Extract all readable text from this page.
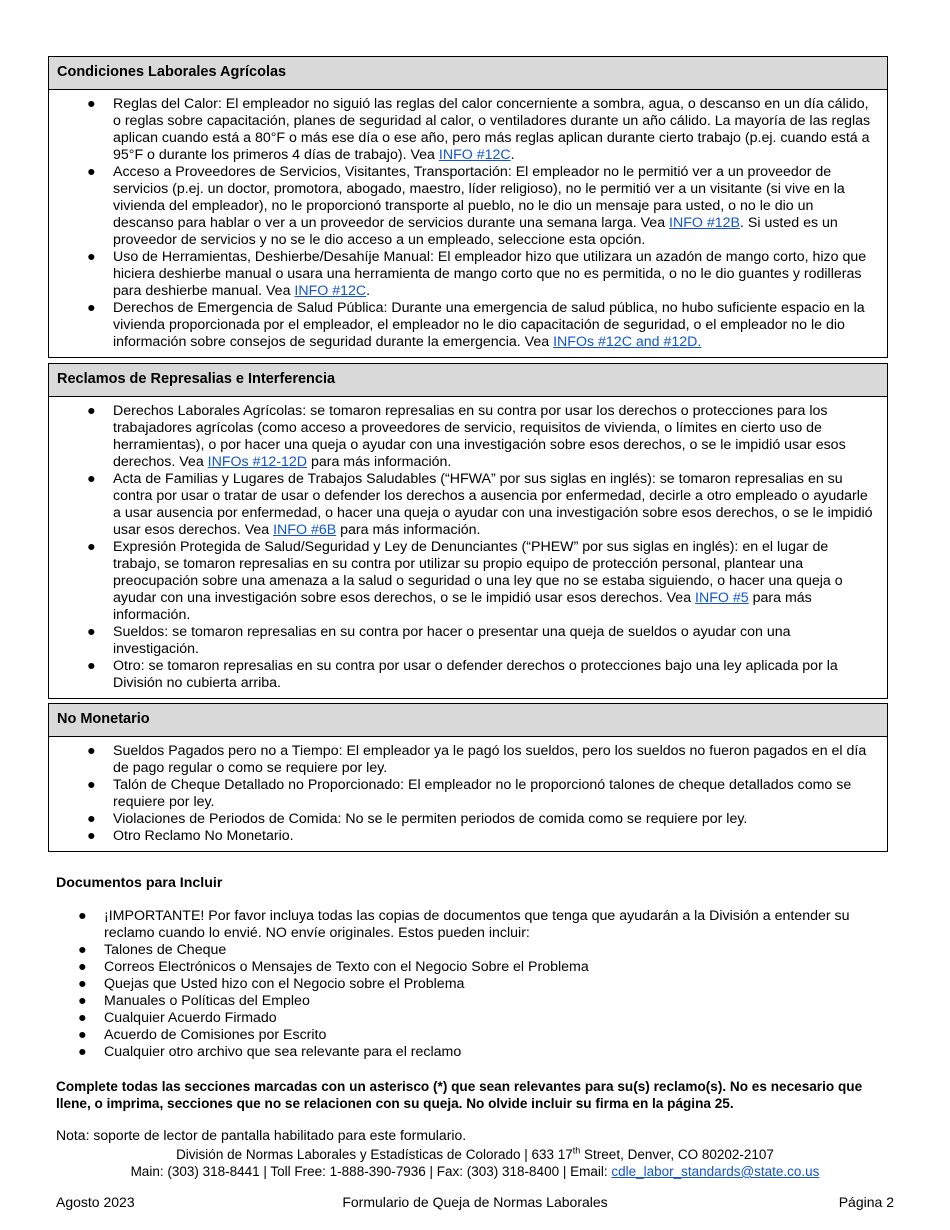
Condiciones Laborales Agrícolas

● Reglas del Calor: El empleador no siguió las reglas del calor concerniente a sombra, agua, o descanso en un día cálido, o reglas sobre capacitación, planes de seguridad al calor, o ventiladores durante un año cálido. La mayoría de las reglas aplican cuando está a 80°F o más ese día o ese año, pero más reglas aplican durante cierto trabajo (p.ej. cuando está a 95°F o durante los primeros 4 días de trabajo). Vea INFO #12C.
● Acceso a Proveedores de Servicios, Visitantes, Transportación: El empleador no le permitió ver a un proveedor de servicios (p.ej. un doctor, promotora, abogado, maestro, líder religioso), no le permitió ver a un visitante (si vive en la vivienda del empleador), no le proporcionó transporte al pueblo, no le dio un mensaje para usted, o no le dio un descanso para hablar o ver a un proveedor de servicios durante una semana larga. Vea INFO #12B. Si usted es un proveedor de servicios y no se le dio acceso a un empleado, seleccione esta opción.
● Uso de Herramientas, Deshierbe/Desahíje Manual: El empleador hizo que utilizara un azadón de mango corto, hizo que hiciera deshierbe manual o usara una herramienta de mango corto que no es permitida, o no le dio guantes y rodilleras para deshierbe manual. Vea INFO #12C.
● Derechos de Emergencia de Salud Pública: Durante una emergencia de salud pública, no hubo suficiente espacio en la vivienda proporcionada por el empleador, el empleador no le dio capacitación de seguridad, o el empleador no le dio información sobre consejos de seguridad durante la emergencia. Vea INFOs #12C and #12D.
Reclamos de Represalias e Interferencia

● Derechos Laborales Agrícolas: se tomaron represalias en su contra por usar los derechos o protecciones para los trabajadores agrícolas (como acceso a proveedores de servicio, requisitos de vivienda, o límites en cierto uso de herramientas), o por hacer una queja o ayudar con una investigación sobre esos derechos, o se le impidió usar esos derechos. Vea INFOs #12-12D para más información.
● Acta de Familias y Lugares de Trabajos Saludables (“HFWA” por sus siglas en inglés): se tomaron represalias en su contra por usar o tratar de usar o defender los derechos a ausencia por enfermedad, decirle a otro empleado o ayudarle a usar ausencia por enfermedad, o hacer una queja o ayudar con una investigación sobre esos derechos, o se le impidió usar esos derechos. Vea INFO #6B para más información.
● Expresión Protegida de Salud/Seguridad y Ley de Denunciantes (“PHEW” por sus siglas en inglés): en el lugar de trabajo, se tomaron represalias en su contra por utilizar su propio equipo de protección personal, plantear una preocupación sobre una amenaza a la salud o seguridad o una ley que no se estaba siguiendo, o hacer una queja o ayudar con una investigación sobre esos derechos, o se le impidió usar esos derechos. Vea INFO #5 para más información.
● Sueldos: se tomaron represalias en su contra por hacer o presentar una queja de sueldos o ayudar con una investigación.
● Otro: se tomaron represalias en su contra por usar o defender derechos o protecciones bajo una ley aplicada por la División no cubierta arriba.
No Monetario

● Sueldos Pagados pero no a Tiempo: El empleador ya le pagó los sueldos, pero los sueldos no fueron pagados en el día de pago regular o como se requiere por ley.
● Talón de Cheque Detallado no Proporcionado: El empleador no le proporcionó talones de cheque detallados como se requiere por ley.
● Violaciones de Periodos de Comida: No se le permiten periodos de comida como se requiere por ley.
● Otro Reclamo No Monetario.
Documentos para Incluir
● ¡IMPORTANTE! Por favor incluya todas las copias de documentos que tenga que ayudarán a la División a entender su reclamo cuando lo envié. NO envíe originales. Estos pueden incluir:
● Talones de Cheque
● Correos Electrónicos o Mensajes de Texto con el Negocio Sobre el Problema
● Quejas que Usted hizo con el Negocio sobre el Problema
● Manuales o Políticas del Empleo
● Cualquier Acuerdo Firmado
● Acuerdo de Comisiones por Escrito
● Cualquier otro archivo que sea relevante para el reclamo
Complete todas las secciones marcadas con un asterisco (*) que sean relevantes para su(s) reclamo(s). No es necesario que llene, o imprima, secciones que no se relacionen con su queja. No olvide incluir su firma en la página 25.
Nota: soporte de lector de pantalla habilitado para este formulario.
División de Normas Laborales y Estadísticas de Colorado | 633 17th Street, Denver, CO 80202-2107
Main: (303) 318-8441 | Toll Free: 1-888-390-7936 | Fax: (303) 318-8400 | Email: cdle_labor_standards@state.co.us
Agosto 2023	Formulario de Queja de Normas Laborales	Página 2
